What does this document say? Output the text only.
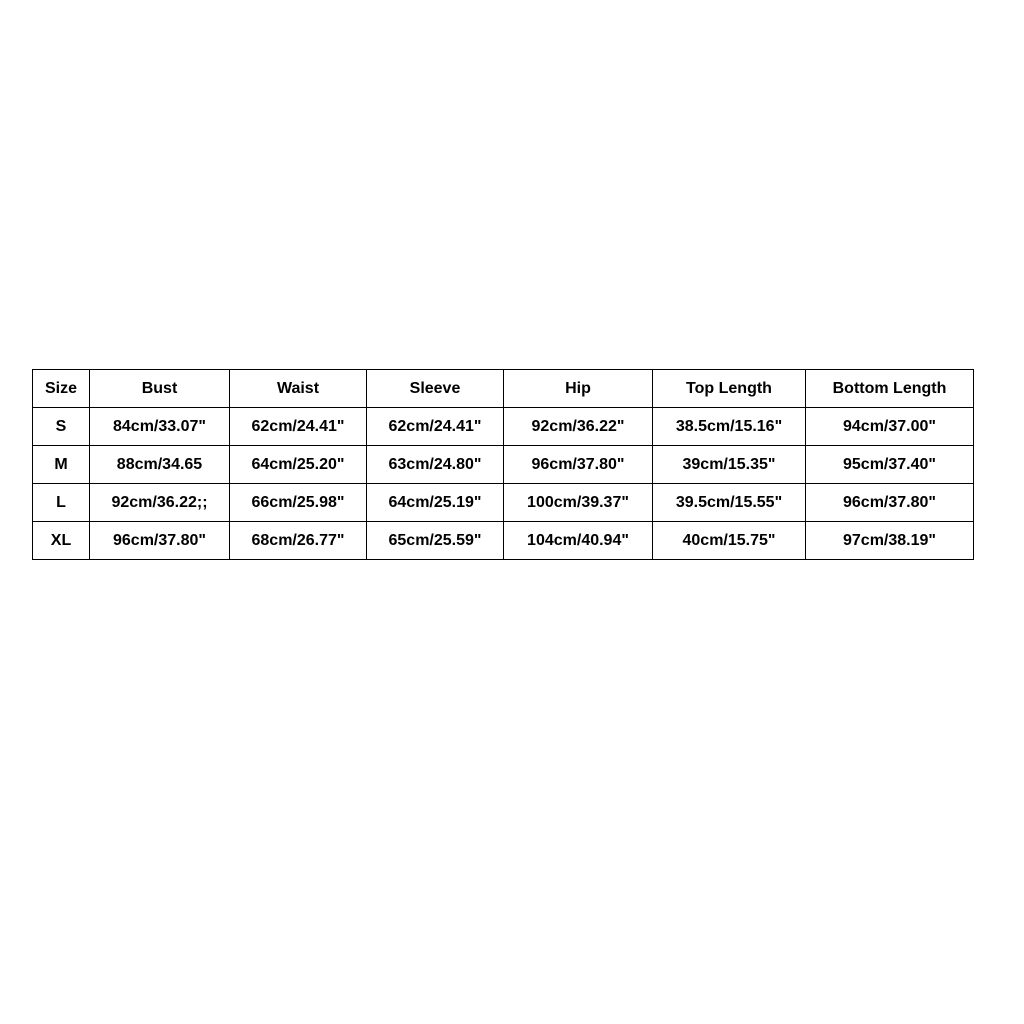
Size	Bust	Waist	Sleeve	Hip	Top Length	Bottom Length
S	84cm/33.07"	62cm/24.41"	62cm/24.41"	92cm/36.22"	38.5cm/15.16"	94cm/37.00"
M	88cm/34.65	64cm/25.20"	63cm/24.80"	96cm/37.80"	39cm/15.35"	95cm/37.40"
L	92cm/36.22;;	66cm/25.98"	64cm/25.19"	100cm/39.37"	39.5cm/15.55"	96cm/37.80"
XL	96cm/37.80"	68cm/26.77"	65cm/25.59"	104cm/40.94"	40cm/15.75"	97cm/38.19"
